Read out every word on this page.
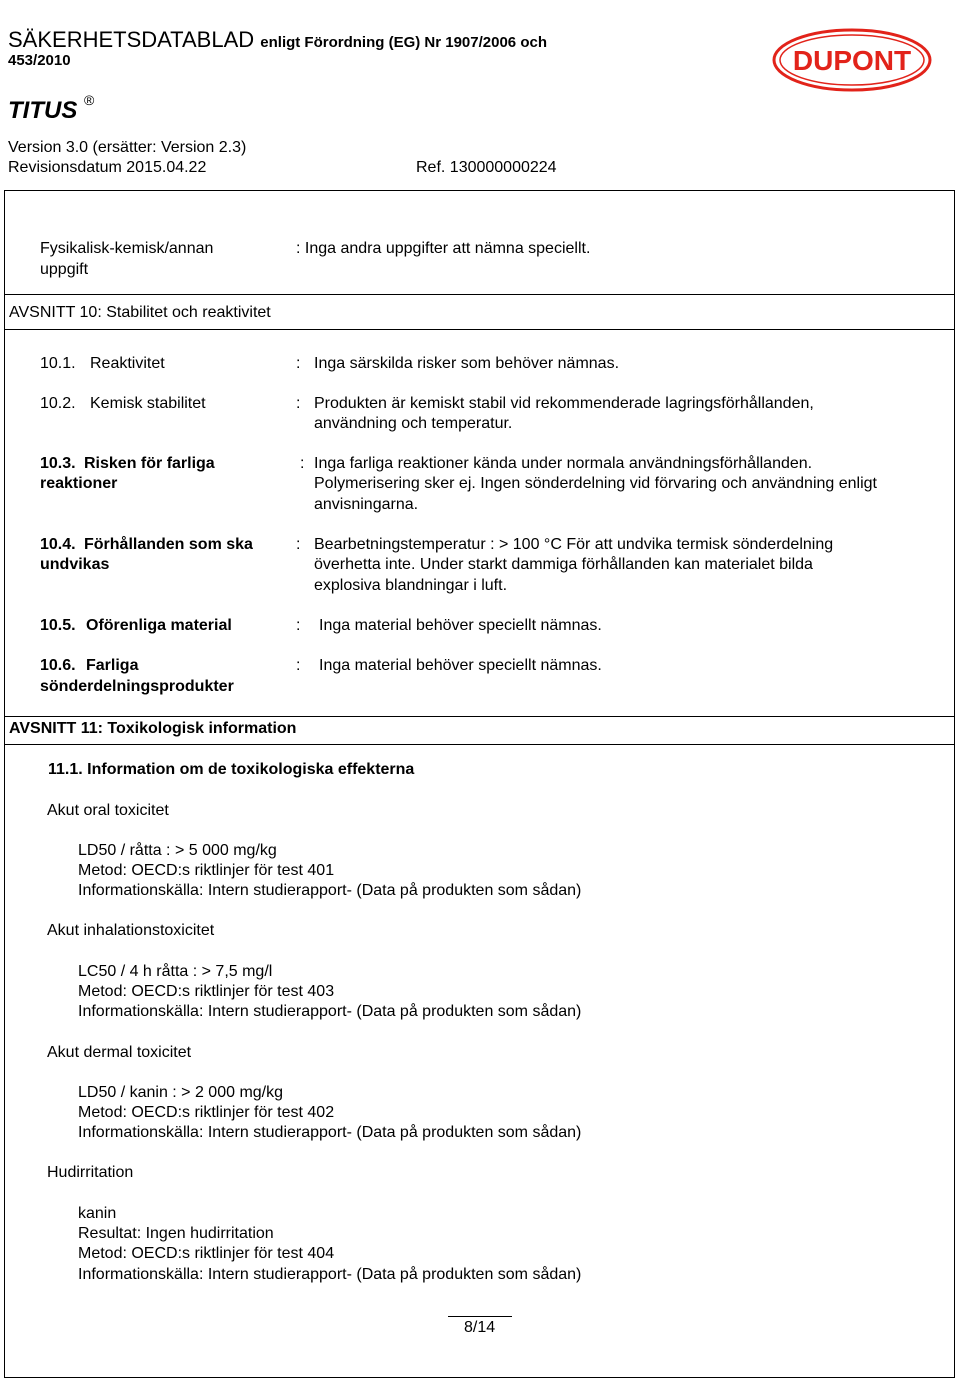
SÄKERHETSDATABLAD enligt Förordning (EG) Nr 1907/2006 och
453/2010
TITUS ®
Version 3.0 (ersätter: Version 2.3)
Revisionsdatum 2015.04.22	Ref. 130000000224
DUPONT
Fysikalisk-kemisk/annan
uppgift
: Inga andra uppgifter att nämna speciellt.
AVSNITT 10: Stabilitet och reaktivitet
10.1. Reaktivitet	: Inga särskilda risker som behöver nämnas.
10.2. Kemisk stabilitet	: Produkten är kemiskt stabil vid rekommenderade lagringsförhållanden,
användning och temperatur.
10.3. Risken för farliga
reaktioner
: Inga farliga reaktioner kända under normala användningsförhållanden.
Polymerisering sker ej. Ingen sönderdelning vid förvaring och användning enligt
anvisningarna.
10.4. Förhållanden som ska
undvikas
: Bearbetningstemperatur : > 100 °C För att undvika termisk sönderdelning
överhetta inte. Under starkt dammiga förhållanden kan materialet bilda
explosiva blandningar i luft.
10.5. Oförenliga material	: Inga material behöver speciellt nämnas.
10.6. Farliga
sönderdelningsprodukter
: Inga material behöver speciellt nämnas.
AVSNITT 11: Toxikologisk information
11.1. Information om de toxikologiska effekterna
Akut oral toxicitet
LD50 / råtta : > 5 000 mg/kg
Metod: OECD:s riktlinjer för test 401
Informationskälla: Intern studierapport- (Data på produkten som sådan)
Akut inhalationstoxicitet
LC50 / 4 h råtta : > 7,5 mg/l
Metod: OECD:s riktlinjer för test 403
Informationskälla: Intern studierapport- (Data på produkten som sådan)
Akut dermal toxicitet
LD50 / kanin : > 2 000 mg/kg
Metod: OECD:s riktlinjer för test 402
Informationskälla: Intern studierapport- (Data på produkten som sådan)
Hudirritation
kanin
Resultat: Ingen hudirritation
Metod: OECD:s riktlinjer för test 404
Informationskälla: Intern studierapport- (Data på produkten som sådan)
8/14
